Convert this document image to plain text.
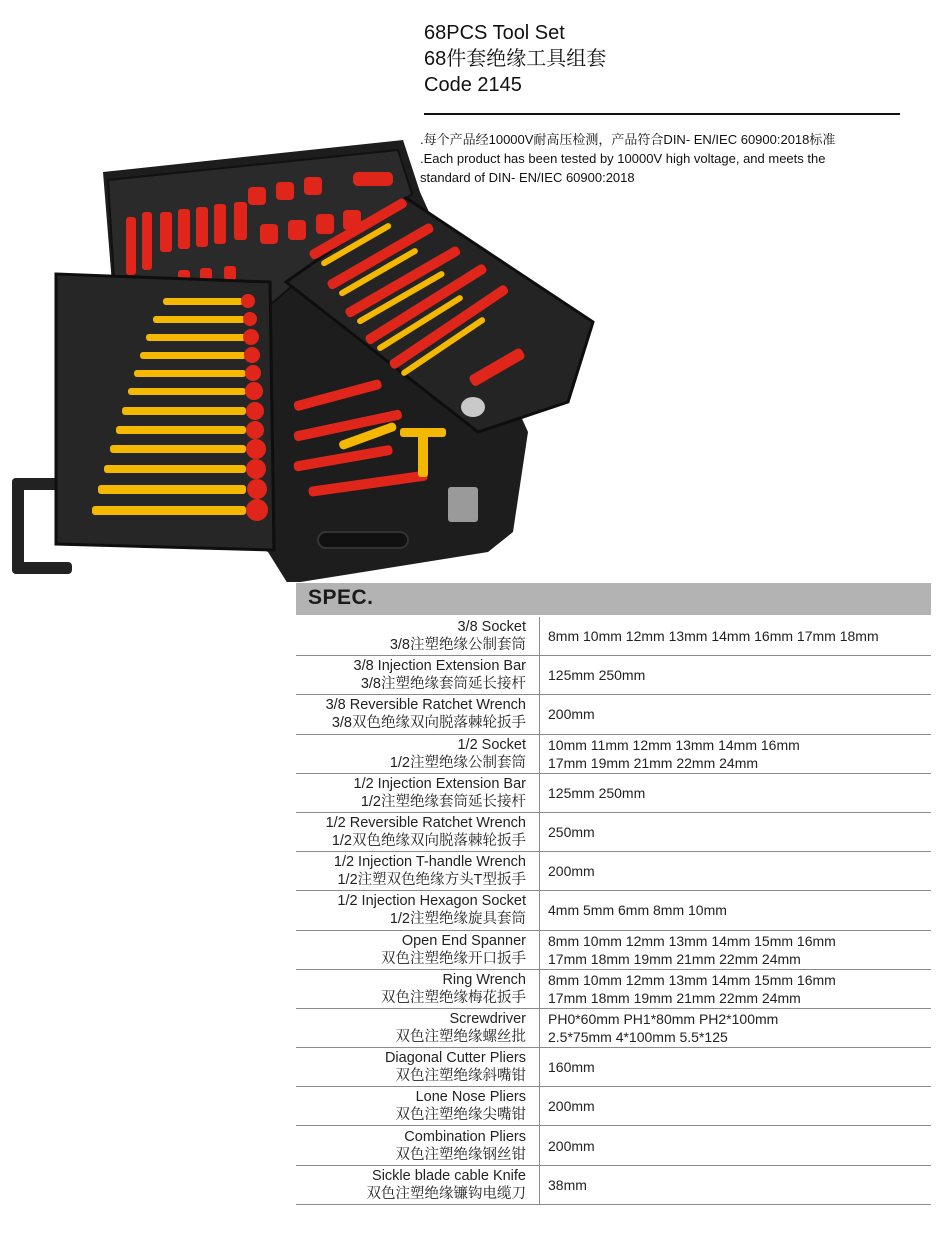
68PCS Tool Set
68件套绝缘工具组套
Code 2145
.每个产品经10000V耐高压检测，产品符合DIN- EN/IEC 60900:2018标准
.Each product has been tested by 10000V high voltage, and meets the
standard of DIN- EN/IEC 60900:2018
SPEC.
3/8 Socket
3/8注塑绝缘公制套筒
8mm 10mm 12mm 13mm 14mm 16mm 17mm 18mm
3/8 Injection Extension Bar
3/8注塑绝缘套筒延长接杆
125mm 250mm
3/8 Reversible Ratchet Wrench
3/8双色绝缘双向脱落棘轮扳手
200mm
1/2 Socket
1/2注塑绝缘公制套筒
10mm 11mm 12mm 13mm 14mm 16mm
17mm 19mm 21mm 22mm 24mm
1/2 Injection Extension Bar
1/2注塑绝缘套筒延长接杆
125mm 250mm
1/2 Reversible Ratchet Wrench
1/2双色绝缘双向脱落棘轮扳手
250mm
1/2 Injection T-handle Wrench
1/2注塑双色绝缘方头T型扳手
200mm
1/2 Injection Hexagon Socket
1/2注塑绝缘旋具套筒
4mm 5mm 6mm 8mm 10mm
Open End Spanner
双色注塑绝缘开口扳手
8mm 10mm 12mm 13mm 14mm 15mm 16mm
17mm 18mm 19mm 21mm 22mm 24mm
Ring Wrench
双色注塑绝缘梅花扳手
8mm 10mm 12mm 13mm 14mm 15mm 16mm
17mm 18mm 19mm 21mm 22mm 24mm
Screwdriver
双色注塑绝缘螺丝批
PH0*60mm PH1*80mm PH2*100mm
2.5*75mm 4*100mm 5.5*125
Diagonal Cutter Pliers
双色注塑绝缘斜嘴钳
160mm
Lone Nose Pliers
双色注塑绝缘尖嘴钳
200mm
Combination Pliers
双色注塑绝缘钢丝钳
200mm
Sickle blade cable Knife
双色注塑绝缘镰钩电缆刀
38mm
